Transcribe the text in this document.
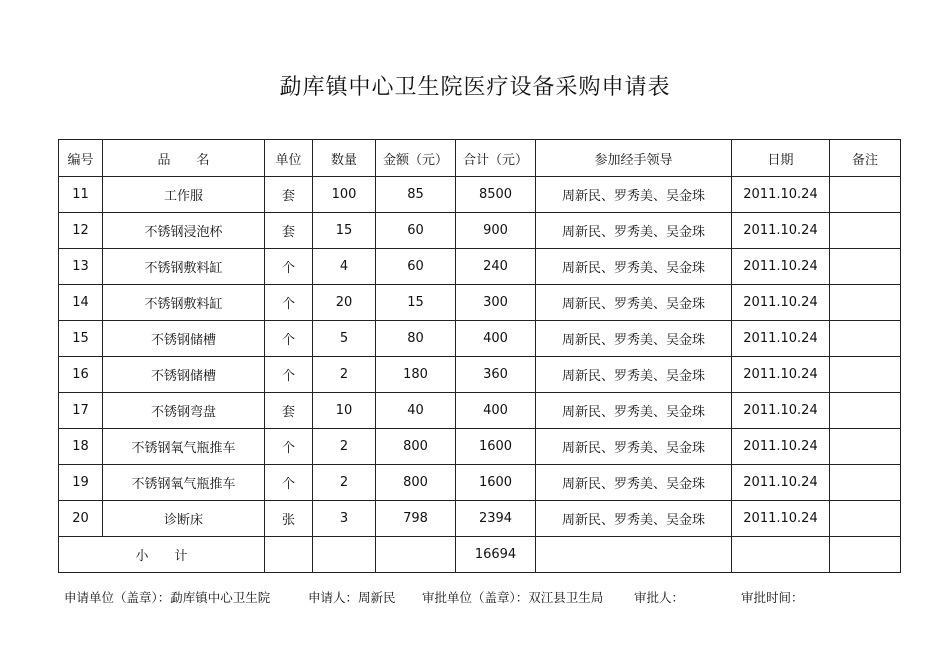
勐库镇中心卫生院医疗设备采购申请表
编号	品　　名	单位	数量	金额（元）	合计（元）	参加经手领导	日期	备注
11	工作服	套	100	85	8500	周新民、罗秀美、吴金珠	2011.10.24	
12	不锈钢浸泡杯	套	15	60	900	周新民、罗秀美、吴金珠	2011.10.24	
13	不锈钢敷料缸	个	4	60	240	周新民、罗秀美、吴金珠	2011.10.24	
14	不锈钢敷料缸	个	20	15	300	周新民、罗秀美、吴金珠	2011.10.24	
15	不锈钢储槽	个	5	80	400	周新民、罗秀美、吴金珠	2011.10.24	
16	不锈钢储槽	个	2	180	360	周新民、罗秀美、吴金珠	2011.10.24	
17	不锈钢弯盘	套	10	40	400	周新民、罗秀美、吴金珠	2011.10.24	
18	不锈钢氧气瓶推车	个	2	800	1600	周新民、罗秀美、吴金珠	2011.10.24	
19	不锈钢氧气瓶推车	个	2	800	1600	周新民、罗秀美、吴金珠	2011.10.24	
20	诊断床	张	3	798	2394	周新民、罗秀美、吴金珠	2011.10.24	
小　　计					16694			
申请单位（盖章）：勐库镇中心卫生院	申请人：周新民 审批单位（盖章）：双江县卫生局 审批人：	审批时间：
